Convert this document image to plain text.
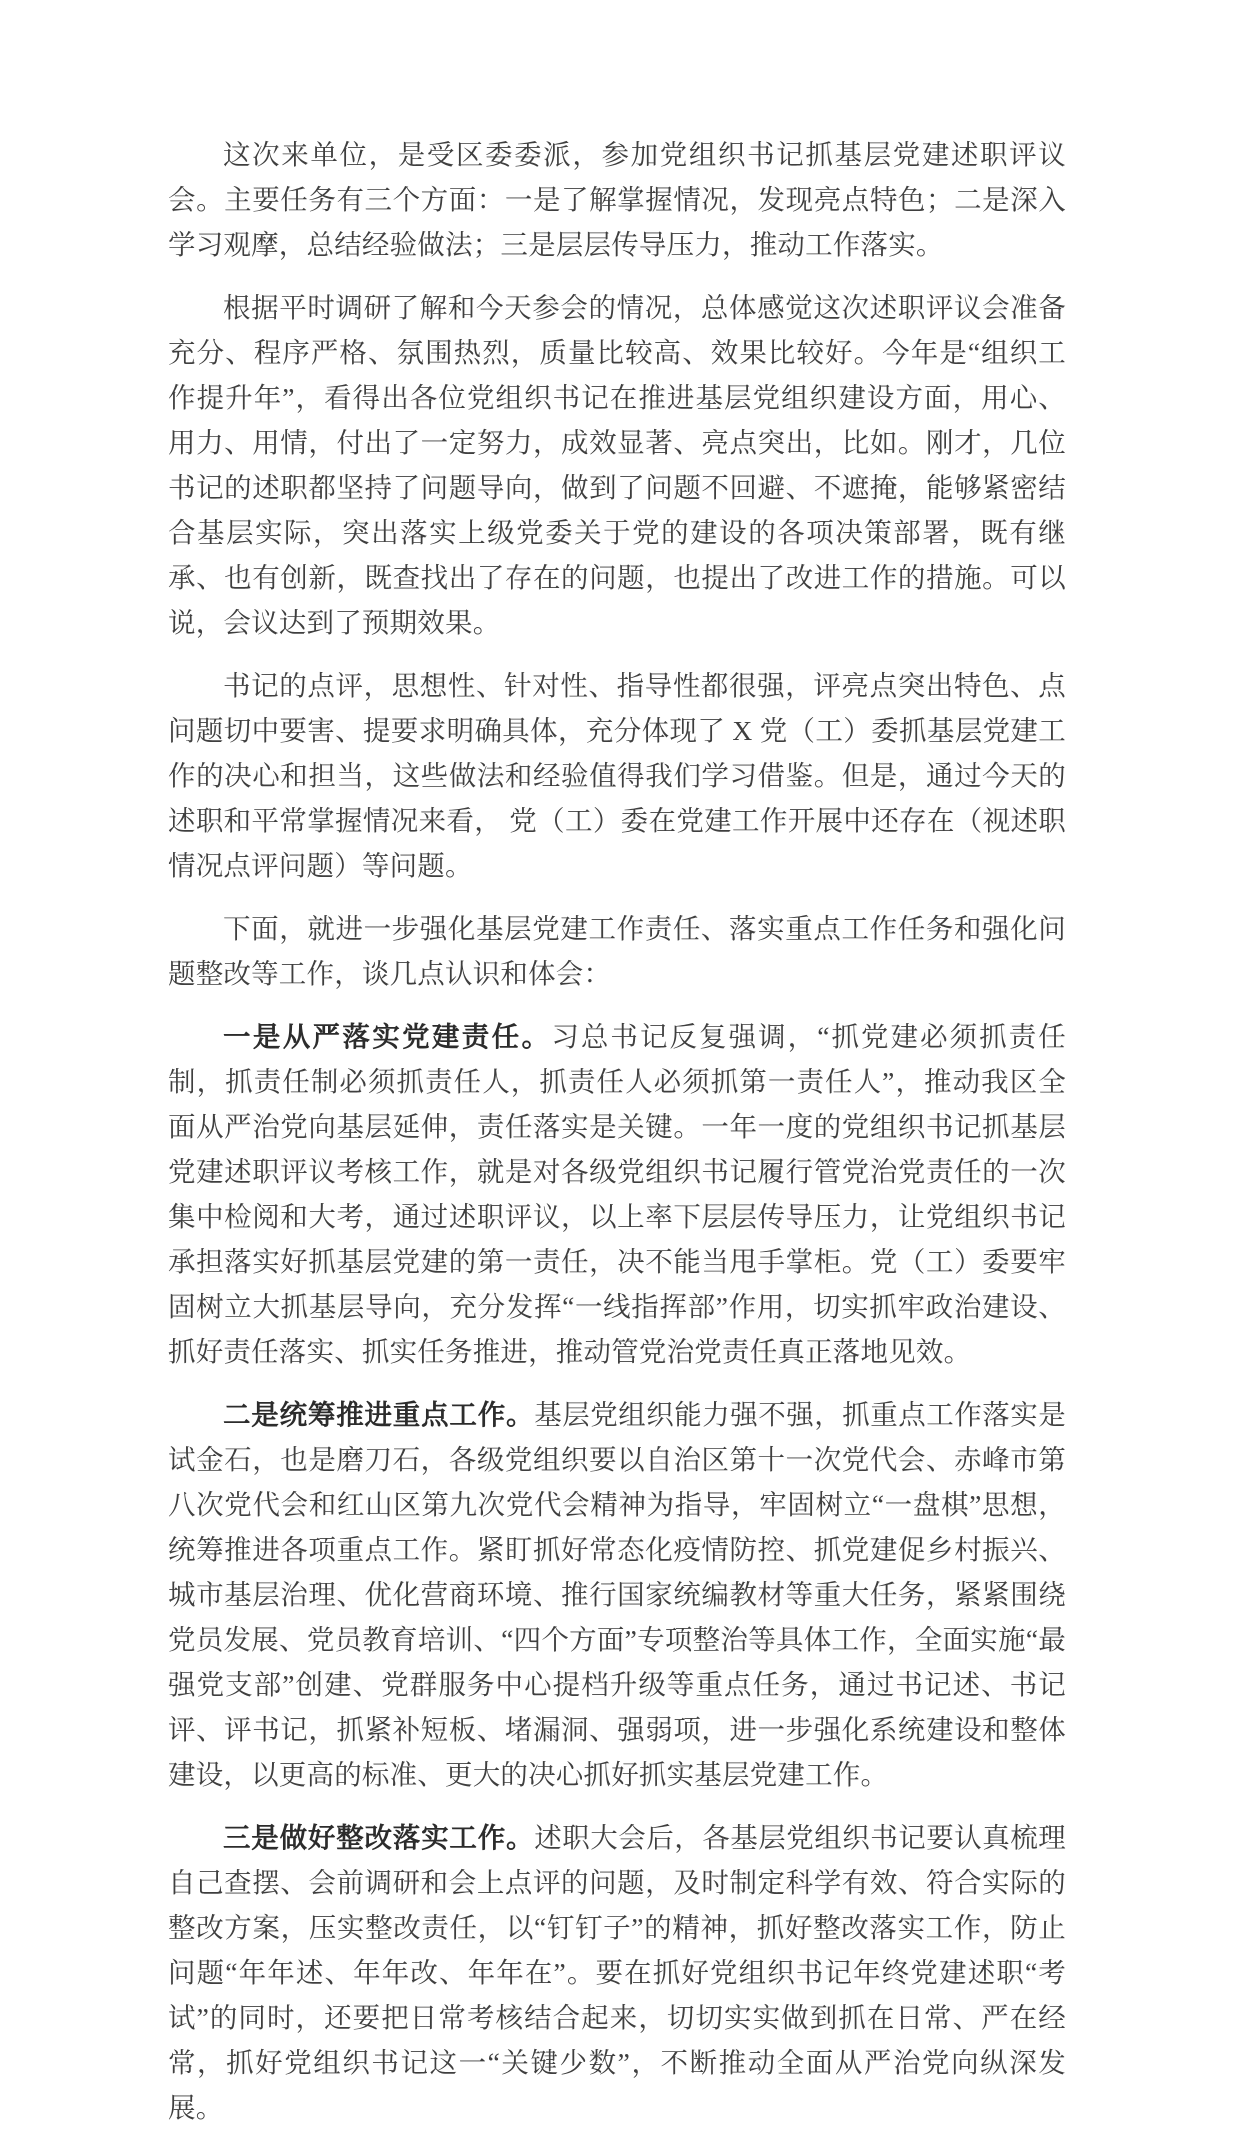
这次来单位，是受区委委派，参加党组织书记抓基层党建述职评议会。主要任务有三个方面：一是了解掌握情况，发现亮点特色；二是深入学习观摩，总结经验做法；三是层层传导压力，推动工作落实。

根据平时调研了解和今天参会的情况，总体感觉这次述职评议会准备充分、程序严格、氛围热烈，质量比较高、效果比较好。今年是“组织工作提升年”，看得出各位党组织书记在推进基层党组织建设方面，用心、用力、用情，付出了一定努力，成效显著、亮点突出，比如。刚才，几位书记的述职都坚持了问题导向，做到了问题不回避、不遮掩，能够紧密结合基层实际，突出落实上级党委关于党的建设的各项决策部署，既有继承、也有创新，既查找出了存在的问题，也提出了改进工作的措施。可以说，会议达到了预期效果。

书记的点评，思想性、针对性、指导性都很强，评亮点突出特色、点问题切中要害、提要求明确具体，充分体现了 X 党（工）委抓基层党建工作的决心和担当，这些做法和经验值得我们学习借鉴。但是，通过今天的述职和平常掌握情况来看， 党（工）委在党建工作开展中还存在（视述职情况点评问题）等问题。

下面，就进一步强化基层党建工作责任、落实重点工作任务和强化问题整改等工作，谈几点认识和体会：

一是从严落实党建责任。习总书记反复强调，“抓党建必须抓责任制，抓责任制必须抓责任人，抓责任人必须抓第一责任人”，推动我区全面从严治党向基层延伸，责任落实是关键。一年一度的党组织书记抓基层党建述职评议考核工作，就是对各级党组织书记履行管党治党责任的一次集中检阅和大考，通过述职评议，以上率下层层传导压力，让党组织书记承担落实好抓基层党建的第一责任，决不能当甩手掌柜。党（工）委要牢固树立大抓基层导向，充分发挥“一线指挥部”作用，切实抓牢政治建设、抓好责任落实、抓实任务推进，推动管党治党责任真正落地见效。

二是统筹推进重点工作。基层党组织能力强不强，抓重点工作落实是试金石，也是磨刀石，各级党组织要以自治区第十一次党代会、赤峰市第八次党代会和红山区第九次党代会精神为指导，牢固树立“一盘棋”思想，统筹推进各项重点工作。紧盯抓好常态化疫情防控、抓党建促乡村振兴、城市基层治理、优化营商环境、推行国家统编教材等重大任务，紧紧围绕党员发展、党员教育培训、“四个方面”专项整治等具体工作，全面实施“最强党支部”创建、党群服务中心提档升级等重点任务，通过书记述、书记评、评书记，抓紧补短板、堵漏洞、强弱项，进一步强化系统建设和整体建设，以更高的标准、更大的决心抓好抓实基层党建工作。

三是做好整改落实工作。述职大会后，各基层党组织书记要认真梳理自己查摆、会前调研和会上点评的问题，及时制定科学有效、符合实际的整改方案，压实整改责任，以“钉钉子”的精神，抓好整改落实工作，防止问题“年年述、年年改、年年在”。要在抓好党组织书记年终党建述职“考试”的同时，还要把日常考核结合起来，切切实实做到抓在日常、严在经常，抓好党组织书记这一“关键少数”，不断推动全面从严治党向纵深发展。
